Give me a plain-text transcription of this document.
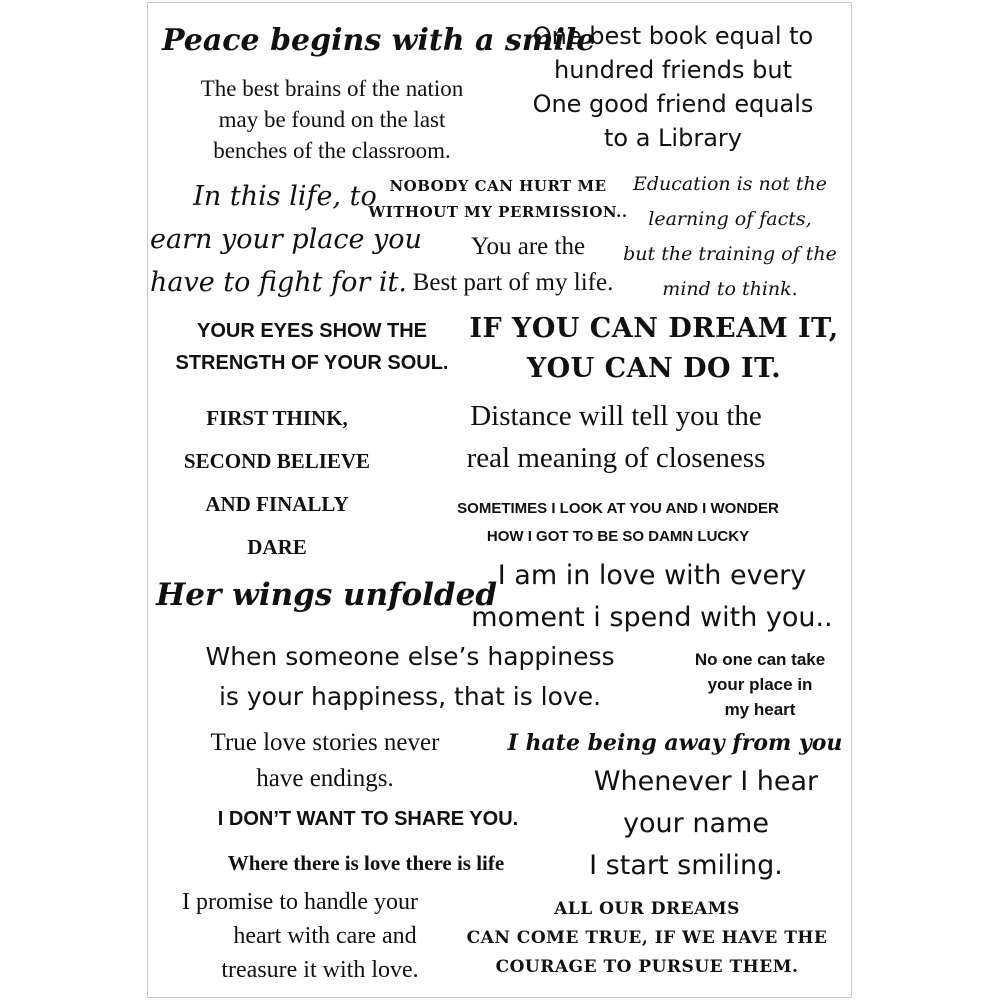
Peace begins with a smile
One best book equal to
hundred friends but
One good friend equals
to a Library
The best brains of the nation
may be found on the last
benches of the classroom.
In this life, to
earn your place you
have to fight for it.
NOBODY CAN HURT ME
WITHOUT MY PERMISSION..
You are the
Best part of my life.
Education is not the
learning of facts,
but the training of the
mind to think.
YOUR EYES SHOW THE
STRENGTH OF YOUR SOUL.
IF YOU CAN DREAM IT,
YOU CAN DO IT.
FIRST THINK,
SECOND BELIEVE
AND FINALLY
DARE
Distance will tell you the
real meaning of closeness
SOMETIMES I LOOK AT YOU AND I WONDER
HOW I GOT TO BE SO DAMN LUCKY
Her wings unfolded
I am in love with every
moment i spend with you..
When someone else’s happiness
is your happiness, that is love.
No one can take
your place in
my heart
True love stories never
have endings.
I hate being away from you
Whenever I hear
your name
I start smiling.
I DON’T WANT TO SHARE YOU.
Where there is love there is life
I promise to handle your
heart with care and
treasure it with love.
ALL OUR DREAMS
CAN COME TRUE, IF WE HAVE THE
COURAGE TO PURSUE THEM.
